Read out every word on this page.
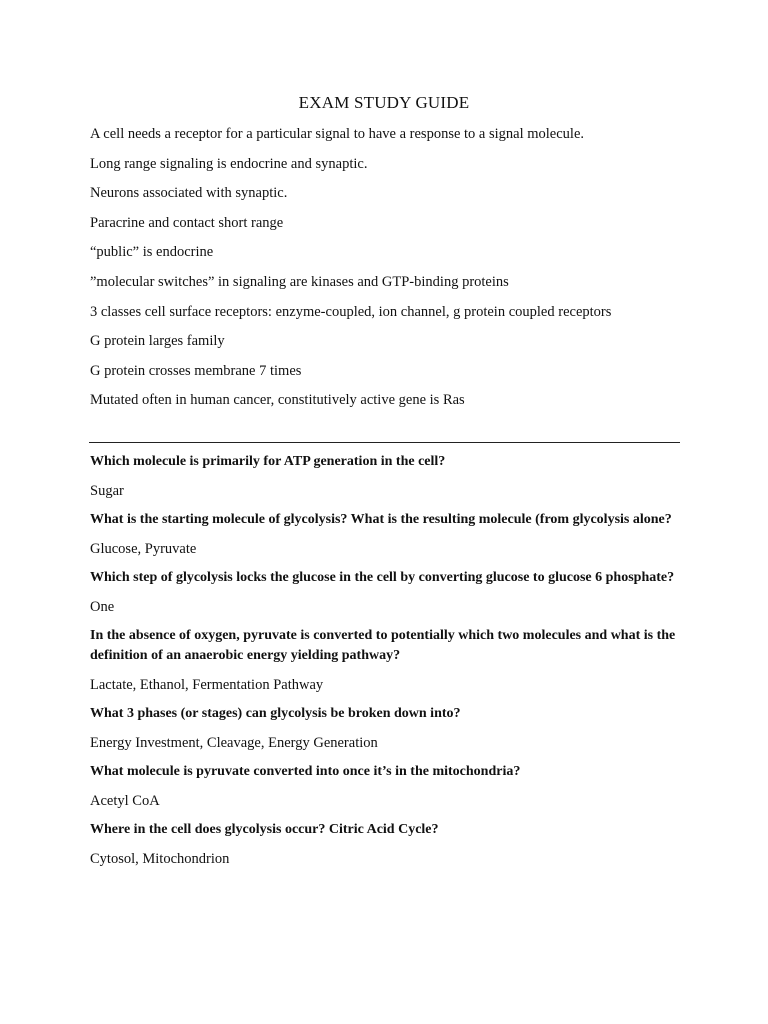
EXAM STUDY GUIDE

A cell needs a receptor for a particular signal to have a response to a signal molecule.

Long range signaling is endocrine and synaptic.

Neurons associated with synaptic.

Paracrine and contact short range

“public” is endocrine

”molecular switches” in signaling are kinases and GTP-binding proteins

3 classes cell surface receptors: enzyme-coupled, ion channel, g protein coupled receptors

G protein larges family

G protein crosses membrane 7 times

Mutated often in human cancer, constitutively active gene is Ras

Which molecule is primarily for ATP generation in the cell?

Sugar

What is the starting molecule of glycolysis? What is the resulting molecule (from glycolysis alone?

Glucose, Pyruvate

Which step of glycolysis locks the glucose in the cell by converting glucose to glucose 6 phosphate?

One

In the absence of oxygen, pyruvate is converted to potentially which two molecules and what is the definition of an anaerobic energy yielding pathway?

Lactate, Ethanol, Fermentation Pathway

What 3 phases (or stages) can glycolysis be broken down into?

Energy Investment, Cleavage, Energy Generation

What molecule is pyruvate converted into once it’s in the mitochondria?

Acetyl CoA

Where in the cell does glycolysis occur? Citric Acid Cycle?

Cytosol, Mitochondrion
